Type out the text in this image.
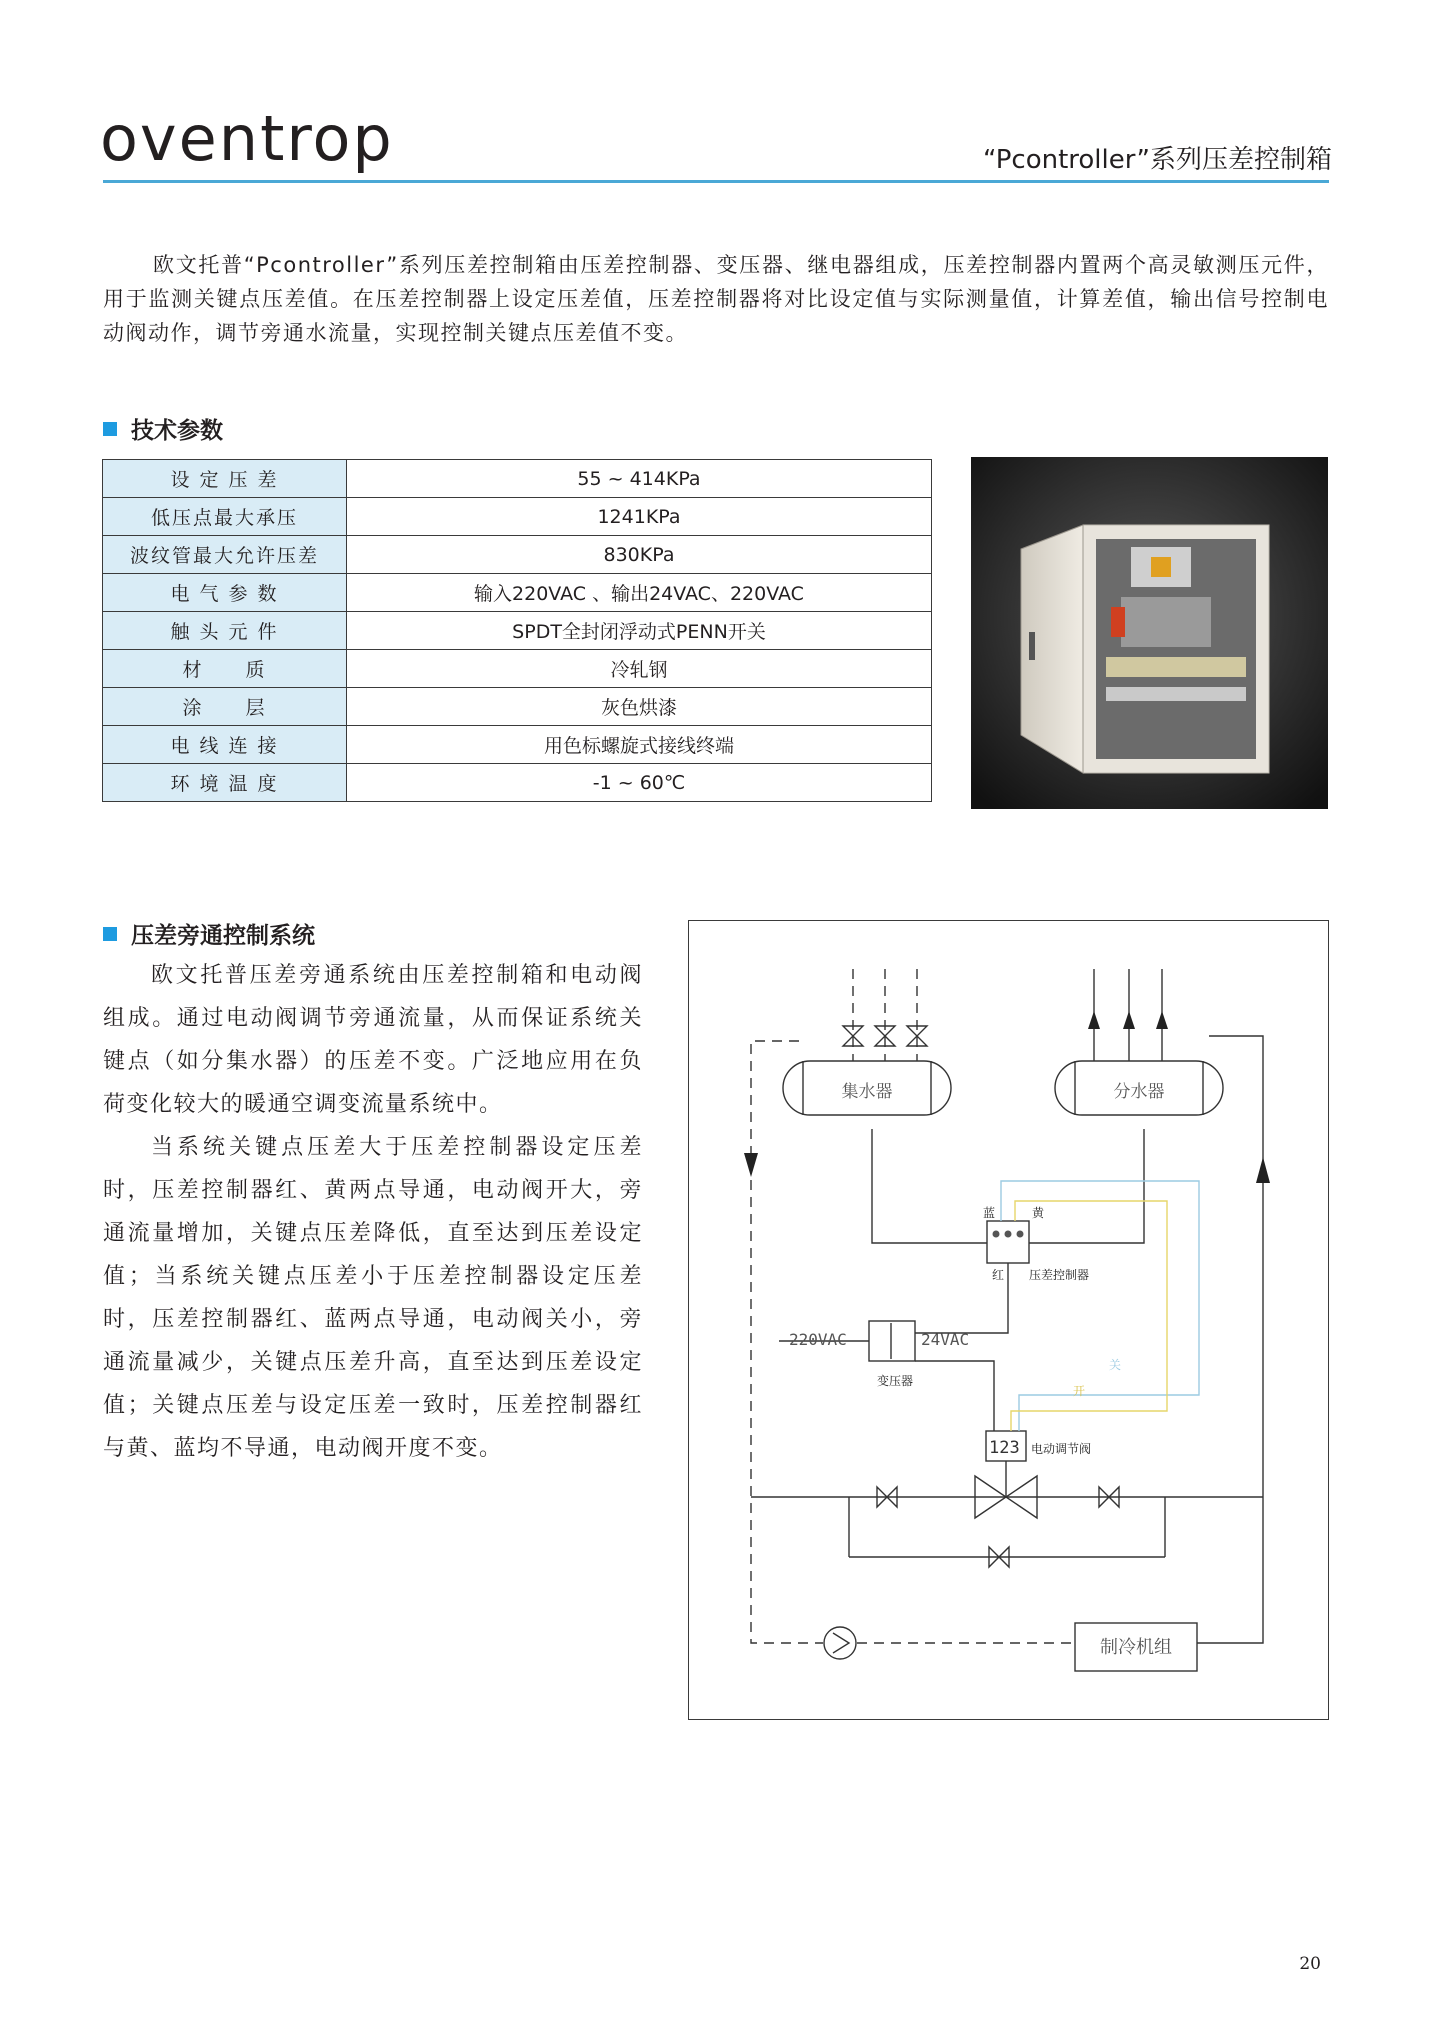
oventrop	“Pcontroller”系列压差控制箱
欧文托普“Pcontroller”系列压差控制箱由压差控制器、变压器、继电器组成，压差控制器内置两个高灵敏测压元件，用于监测关键点压差值。在压差控制器上设定压差值，压差控制器将对比设定值与实际测量值，计算差值，输出信号控制电动阀动作，调节旁通水流量，实现控制关键点压差值不变。
技术参数
设 定 压 差	55 ~ 414KPa
低压点最大承压	1241KPa
波纹管最大允许压差	830KPa
电 气 参 数	输入220VAC 、输出24VAC、220VAC
触 头 元 件	SPDT全封闭浮动式PENN开关
材　　质	冷轧钢
涂　　层	灰色烘漆
电 线 连 接	用色标螺旋式接线终端
环 境 温 度	-1 ~ 60℃
压差旁通控制系统

欧文托普压差旁通系统由压差控制箱和电动阀组成。通过电动阀调节旁通流量，从而保证系统关键点（如分集水器）的压差不变。广泛地应用在负荷变化较大的暖通空调变流量系统中。

当系统关键点压差大于压差控制器设定压差时，压差控制器红、黄两点导通，电动阀开大，旁通流量增加，关键点压差降低，直至达到压差设定值；当系统关键点压差小于压差控制器设定压差时，压差控制器红、蓝两点导通，电动阀关小，旁通流量减少，关键点压差升高，直至达到压差设定值；关键点压差与设定压差一致时，压差控制器红与黄、蓝均不导通，电动阀开度不变。

集水器	分水器
蓝	黄
红 压差控制器
220VAC	24VAC
变压器
关
开
123 电动调节阀
制冷机组
20
